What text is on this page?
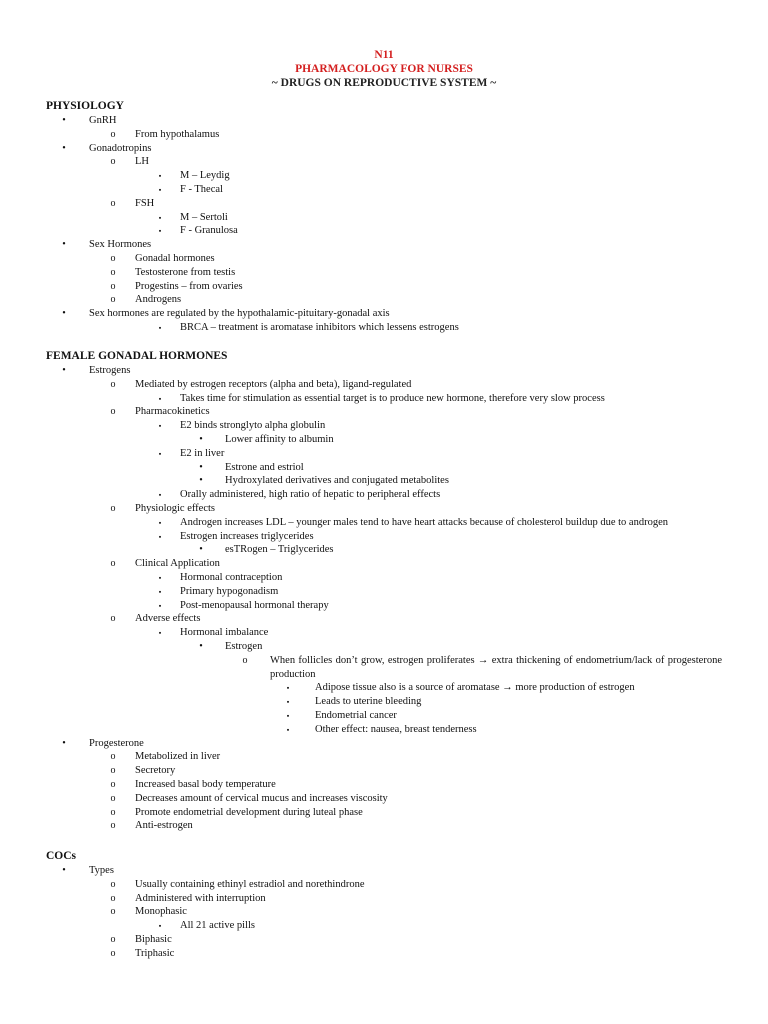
N11
PHARMACOLOGY FOR NURSES
~ DRUGS ON REPRODUCTIVE SYSTEM ~
PHYSIOLOGY
•	GnRH
o	From hypothalamus
•	Gonadotropins
o	LH
▪	M – Leydig
▪	F - Thecal
o	FSH
▪	M – Sertoli
▪	F - Granulosa
•	Sex Hormones
o	Gonadal hormones
o	Testosterone from testis
o	Progestins – from ovaries
o	Androgens
•	Sex hormones are regulated by the hypothalamic-pituitary-gonadal axis
▪	BRCA – treatment is aromatase inhibitors which lessens estrogens
FEMALE GONADAL HORMONES
•	Estrogens
o	Mediated by estrogen receptors (alpha and beta), ligand-regulated
▪	Takes time for stimulation as essential target is to produce new hormone, therefore very slow process
o	Pharmacokinetics
▪	E2 binds stronglyto alpha globulin
•	Lower affinity to albumin
▪	E2 in liver
•	Estrone and estriol
•	Hydroxylated derivatives and conjugated metabolites
▪	Orally administered, high ratio of hepatic to peripheral effects
o	Physiologic effects
▪	Androgen increases LDL – younger males tend to have heart attacks because of cholesterol buildup due to androgen
▪	Estrogen increases triglycerides
•	esTRogen – Triglycerides
o	Clinical Application
▪	Hormonal contraception
▪	Primary hypogonadism
▪	Post-menopausal hormonal therapy
o	Adverse effects
▪	Hormonal imbalance
•	Estrogen
o	When follicles don’t grow, estrogen proliferates → extra thickening of endometrium/lack of progesterone production
▪	Adipose tissue also is a source of aromatase → more production of estrogen
▪	Leads to uterine bleeding
▪	Endometrial cancer
▪	Other effect: nausea, breast tenderness
•	Progesterone
o	Metabolized in liver
o	Secretory
o	Increased basal body temperature
o	Decreases amount of cervical mucus and increases viscosity
o	Promote endometrial development during luteal phase
o	Anti-estrogen
COCs
•	Types
o	Usually containing ethinyl estradiol and norethindrone
o	Administered with interruption
o	Monophasic
▪	All 21 active pills
o	Biphasic
o	Triphasic
